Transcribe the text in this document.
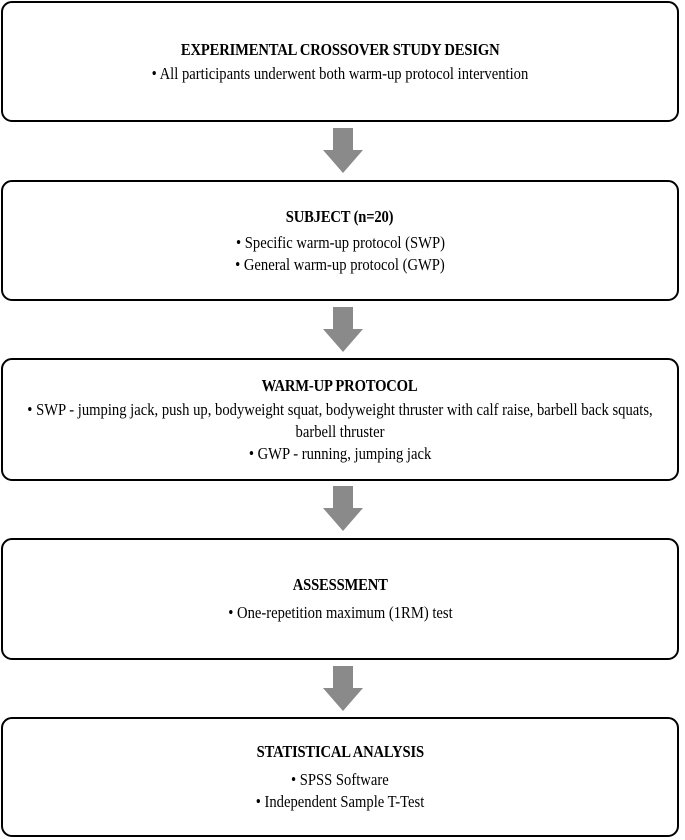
EXPERIMENTAL CROSSOVER STUDY DESIGN
• All participants underwent both warm-up protocol intervention
SUBJECT (n=20)
• Specific warm-up protocol (SWP)
• General warm-up protocol (GWP)
WARM-UP PROTOCOL
• SWP - jumping jack, push up, bodyweight squat, bodyweight thruster with calf raise, barbell back squats, barbell thruster
• GWP - running, jumping jack
ASSESSMENT
• One-repetition maximum (1RM) test
STATISTICAL ANALYSIS
• SPSS Software
• Independent Sample T-Test
